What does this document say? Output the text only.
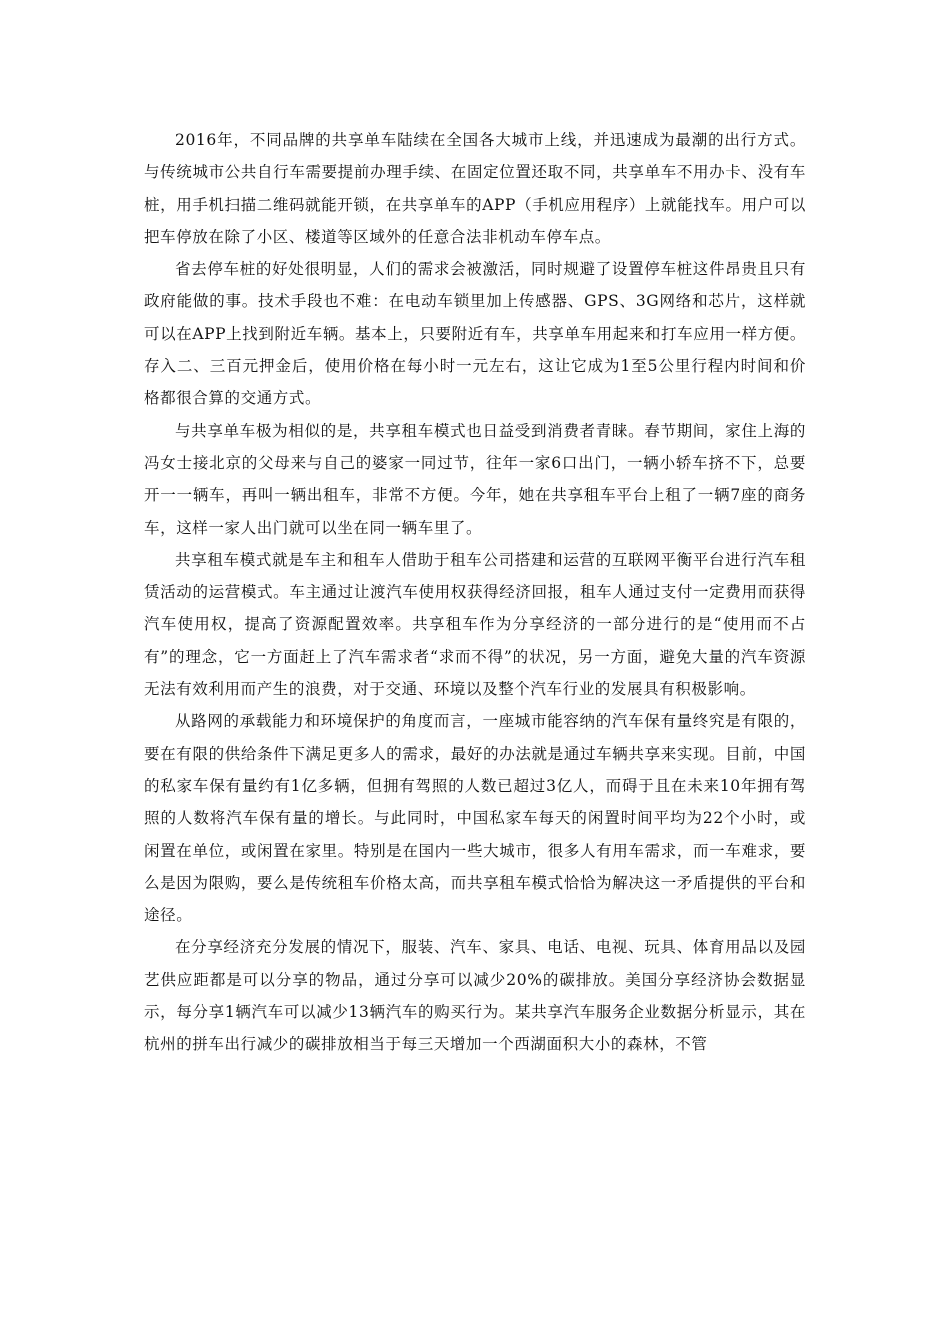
2016年，不同品牌的共享单车陆续在全国各大城市上线，并迅速成为最潮的出行方式。与传统城市公共自行车需要提前办理手续、在固定位置还取不同，共享单车不用办卡、没有车桩，用手机扫描二维码就能开锁，在共享单车的APP（手机应用程序）上就能找车。用户可以把车停放在除了小区、楼道等区域外的任意合法非机动车停车点。

省去停车桩的好处很明显，人们的需求会被激活，同时规避了设置停车桩这件昂贵且只有政府能做的事。技术手段也不难：在电动车锁里加上传感器、GPS、3G网络和芯片，这样就可以在APP上找到附近车辆。基本上，只要附近有车，共享单车用起来和打车应用一样方便。存入二、三百元押金后，使用价格在每小时一元左右，这让它成为1至5公里行程内时间和价格都很合算的交通方式。

与共享单车极为相似的是，共享租车模式也日益受到消费者青睐。春节期间，家住上海的冯女士接北京的父母来与自己的婆家一同过节，往年一家6口出门，一辆小轿车挤不下，总要开一一辆车，再叫一辆出租车，非常不方便。今年，她在共享租车平台上租了一辆7座的商务车，这样一家人出门就可以坐在同一辆车里了。

共享租车模式就是车主和租车人借助于租车公司搭建和运营的互联网平衡平台进行汽车租赁活动的运营模式。车主通过让渡汽车使用权获得经济回报，租车人通过支付一定费用而获得汽车使用权，提高了资源配置效率。共享租车作为分享经济的一部分进行的是“使用而不占有”的理念，它一方面赶上了汽车需求者“求而不得”的状况，另一方面，避免大量的汽车资源无法有效利用而产生的浪费，对于交通、环境以及整个汽车行业的发展具有积极影响。

从路网的承载能力和环境保护的角度而言，一座城市能容纳的汽车保有量终究是有限的，要在有限的供给条件下满足更多人的需求，最好的办法就是通过车辆共享来实现。目前，中国的私家车保有量约有1亿多辆，但拥有驾照的人数已超过3亿人，而碍于且在未来10年拥有驾照的人数将汽车保有量的增长。与此同时，中国私家车每天的闲置时间平均为22个小时，或闲置在单位，或闲置在家里。特别是在国内一些大城市，很多人有用车需求，而一车难求，要么是因为限购，要么是传统租车价格太高，而共享租车模式恰恰为解决这一矛盾提供的平台和途径。

在分享经济充分发展的情况下，服装、汽车、家具、电话、电视、玩具、体育用品以及园艺供应距都是可以分享的物品，通过分享可以减少20%的碳排放。美国分享经济协会数据显示，每分享1辆汽车可以减少13辆汽车的购买行为。某共享汽车服务企业数据分析显示，其在杭州的拼车出行减少的碳排放相当于每三天增加一个西湖面积大小的森林，不管
